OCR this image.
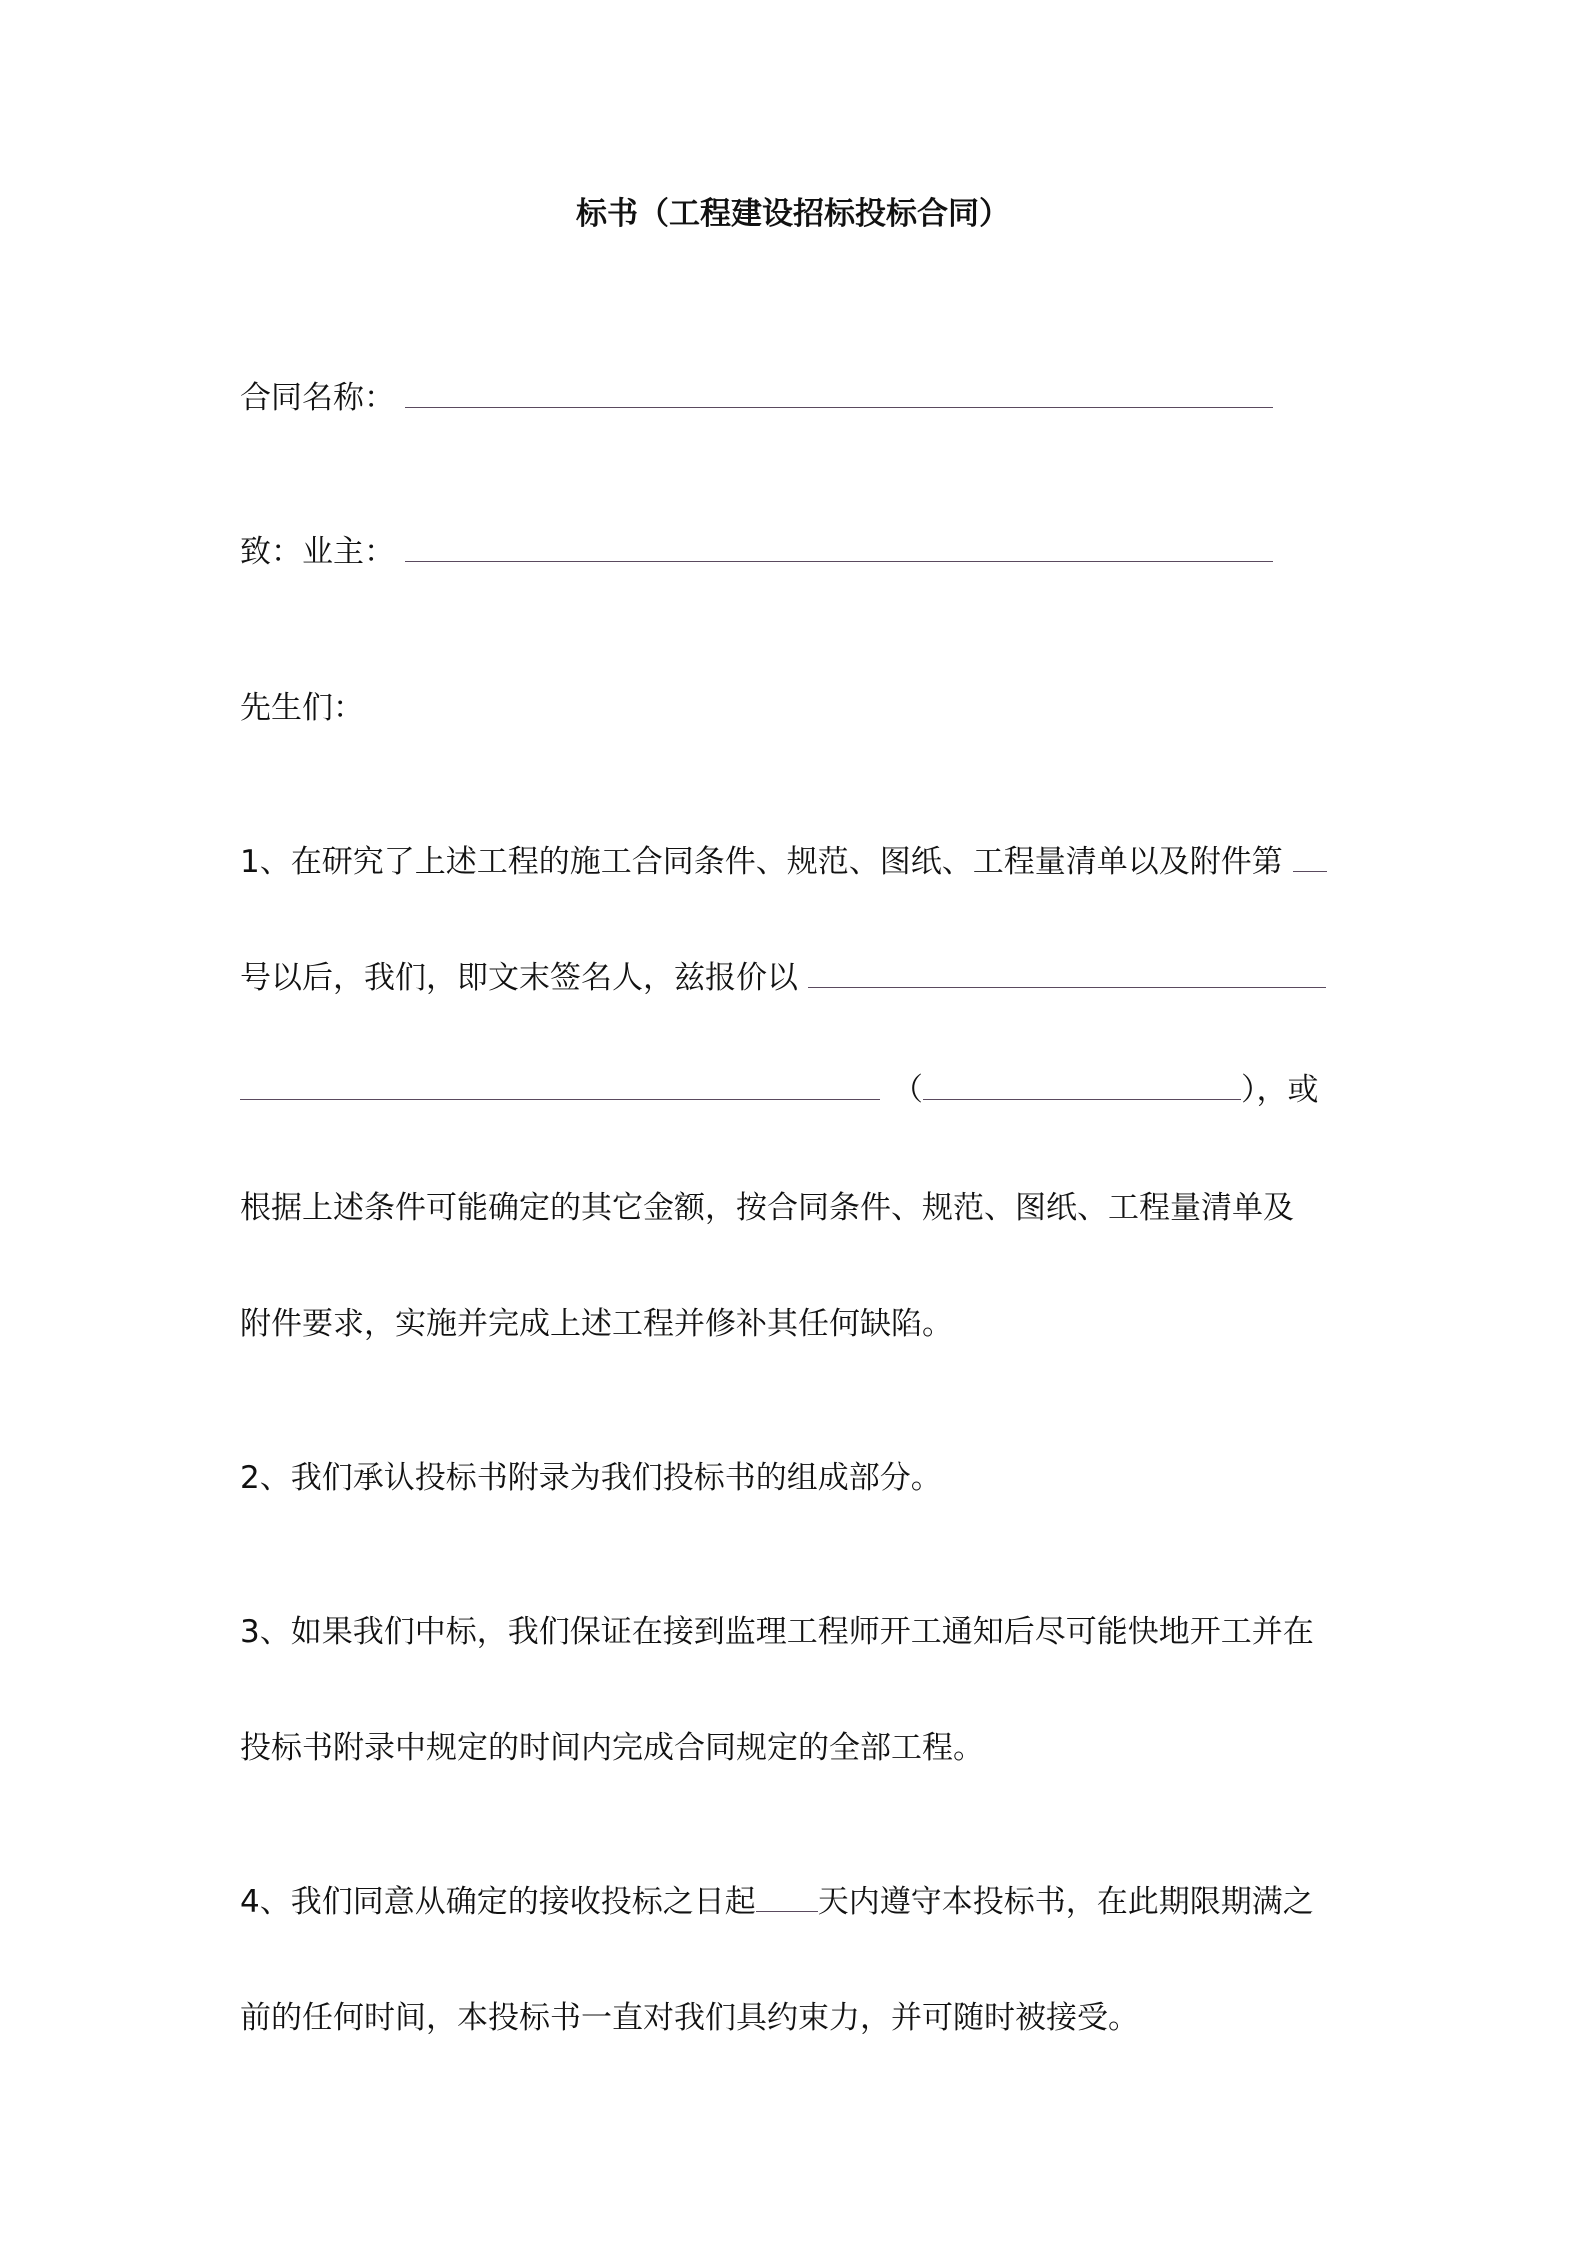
标书（工程建设招标投标合同）
合同名称：
致：业主：
先生们：
1、在研究了上述工程的施工合同条件、规范、图纸、工程量清单以及附件第
号以后，我们，即文末签名人，兹报价以
（	），或
根据上述条件可能确定的其它金额，按合同条件、规范、图纸、工程量清单及
附件要求，实施并完成上述工程并修补其任何缺陷。
2、我们承认投标书附录为我们投标书的组成部分。
3、如果我们中标，我们保证在接到监理工程师开工通知后尽可能快地开工并在
投标书附录中规定的时间内完成合同规定的全部工程。
4、我们同意从确定的接收投标之日起 天内遵守本投标书，在此期限期满之
前的任何时间，本投标书一直对我们具约束力，并可随时被接受。
